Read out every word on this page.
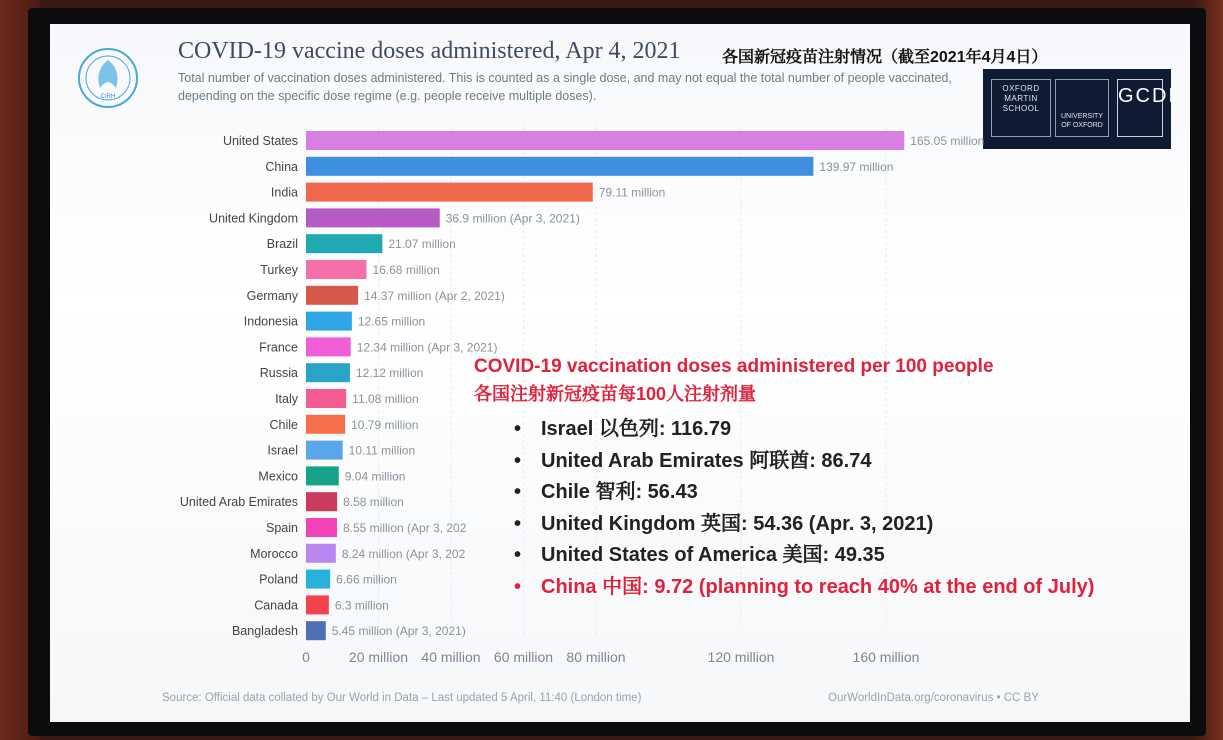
CIRH
COVID-19 vaccine doses administered, Apr 4, 2021	各国新冠疫苗注射情况（截至2021年4月4日）
Total number of vaccination doses administered. This is counted as a single dose, and may not equal the total number of people vaccinated, depending on the specific dose regime (e.g. people receive multiple doses).
OXFORD MARTIN SCHOOL
UNIVERSITY OF OXFORD
GCDL
United States	165.05 million
China	139.97 million
India	79.11 million
United Kingdom	36.9 million (Apr 3, 2021)
Brazil	21.07 million
Turkey	16.68 million
Germany	14.37 million (Apr 2, 2021)
Indonesia	12.65 million
France	12.34 million (Apr 3, 2021)
Russia	12.12 million
Italy	11.08 million
Chile	10.79 million
Israel	10.11 million
Mexico	9.04 million
United Arab Emirates	8.58 million
Spain	8.55 million (Apr 3, 202
Morocco	8.24 million (Apr 3, 202
Poland	6.66 million
Canada	6.3 million
Bangladesh	5.45 million (Apr 3, 2021)
0	20 million 40 million 60 million 80 million	120 million	160 million
COVID-19 vaccination doses administered per 100 people
各国注射新冠疫苗每100人注射剂量
• Israel 以色列: 116.79
• United Arab Emirates 阿联酋: 86.74
• Chile 智利: 56.43
• United Kingdom 英国: 54.36 (Apr. 3, 2021)
• United States of America 美国: 49.35
• China 中国: 9.72 (planning to reach 40% at the end of July)
Source: Official data collated by Our World in Data – Last updated 5 April, 11:40 (London time)	OurWorldInData.org/coronavirus • CC BY
